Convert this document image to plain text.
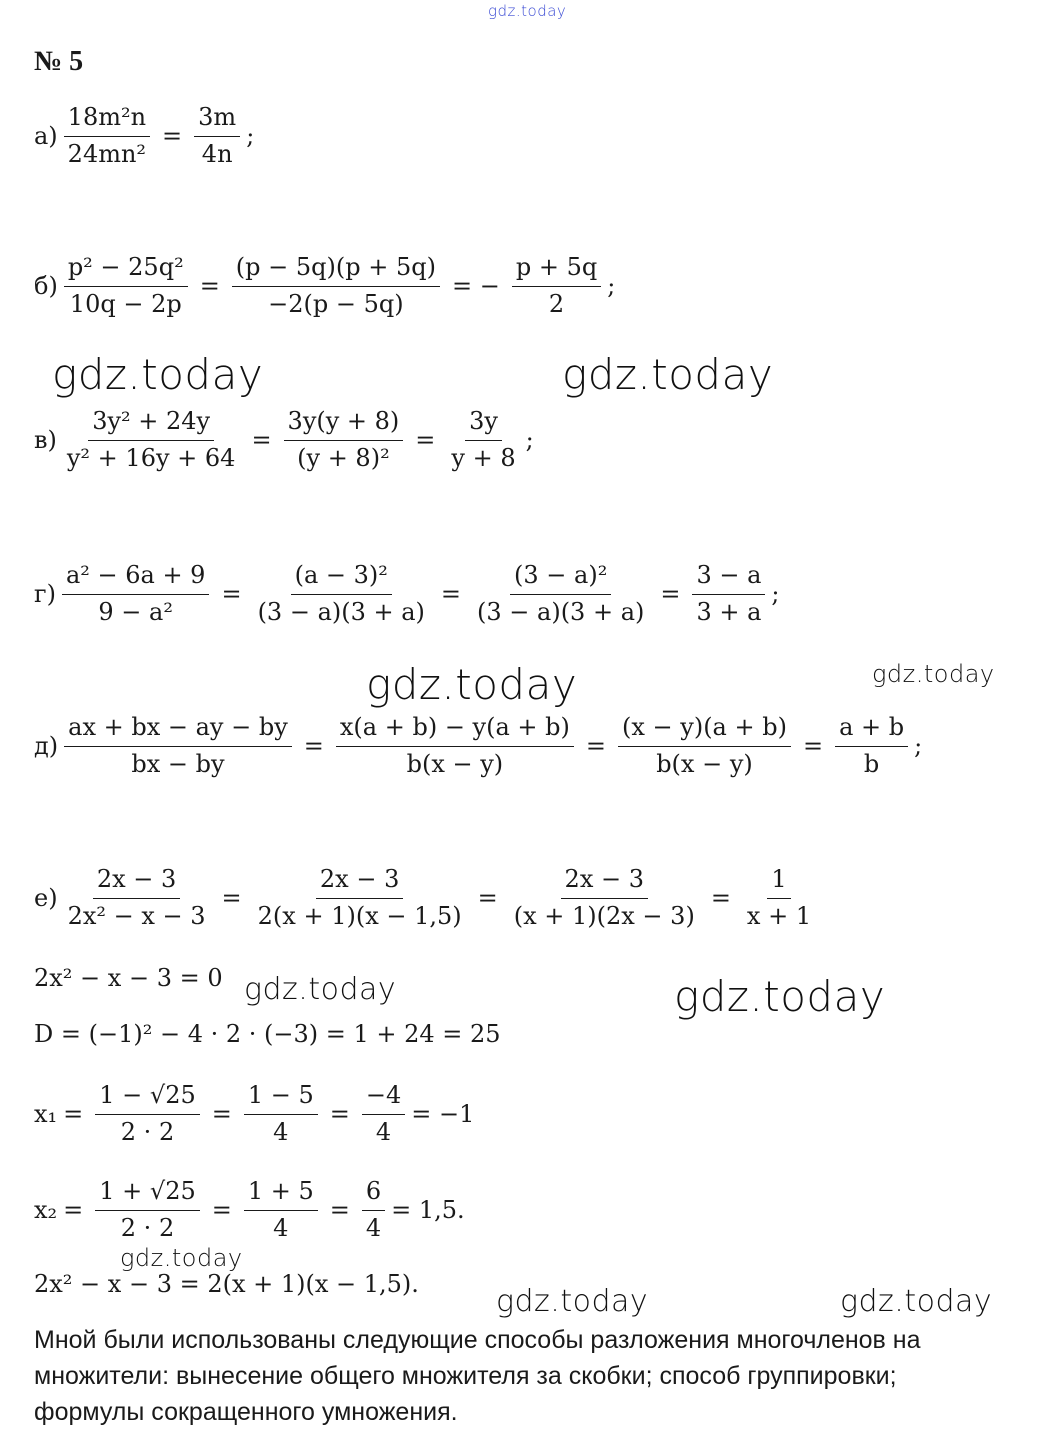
gdz.today
gdz.today	gdz.today
gdz.today	gdz.today
gdz.today	gdz.today
gdz.today
gdz.today	gdz.today
№ 5
$а) \frac{\text{18m²n}}{\text{24mn²}} = \frac{3m}{4n}$ ;
$б) \frac{\text{p² − 25q²}}{10q - 2p} = \frac{(p - 5q)(p + 5q)}{-2(p - 5q)}$ = − $\frac{p + 5q}{2}$ ;
$в) \frac{\text{3y² + 24y}}{\text{y² + 16y + 64}} = \frac{3y(y + 8)}{\text{(y + 8)²}} = \frac{3y}{y + 8}$ ;
$г) \frac{\text{a² − 6a + 9}}{\text{9 − a²}} = \frac{\text{(a − 3)²}}{(3 - a)(3 + a)} = \frac{\text{(3 − a)²}}{(3 - a)(3 + a)} = \frac{3 - a}{3 + a}$ ;
$д) \frac{ax + bx - ay - by}{bx - by} = \frac{x(a + b) - y(a + b)}{b(x - y)} = \frac{(x - y)(a + b)}{b(x - y)} = \frac{a + b}{b}$ ;
$е) \frac{2x - 3}{\text{2x² − x − 3}} = \frac{2x - 3}{2(x + 1)(x - 1,5)} = \frac{2x - 3}{(x + 1)(2x - 3)} = \frac{1}{x + 1}$
2x² − x − 3 = 0
D = (−1)² − 4 · 2 · (−3) = 1 + 24 = 25
$x_1 = \frac{1 - √25}{2 \cdot 2} = \frac{1 - 5}{4} = \frac{-4}{4} = -1$
$x_2 = \frac{1 + √25}{2 \cdot 2} = \frac{1 + 5}{4} = \frac{6}{4} = 1,5$.
2x² − x − 3 = 2(x + 1)(x − 1,5).
Мной были использованы следующие способы разложения многочленов на
множители: вынесение общего множителя за скобки; способ группировки;
формулы сокращенного умножения.
